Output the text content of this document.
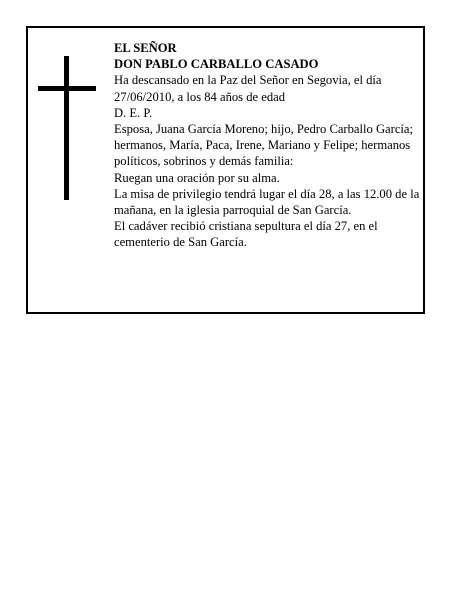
EL SEÑOR

DON PABLO CARBALLO CASADO

Ha descansado en la Paz del Señor en Segovia, el día 27/06/2010, a los 84 años de edad

D. E. P.

Esposa, Juana García Moreno; hijo, Pedro Carballo García; hermanos, María, Paca, Irene, Mariano y Felipe; hermanos políticos, sobrinos y demás familia:

Ruegan una oración por su alma.

La misa de privilegio tendrá lugar el día 28, a las 12.00 de la mañana, en la iglesia parroquial de San García.

El cadáver recibió cristiana sepultura el día 27, en el cementerio de San García.
